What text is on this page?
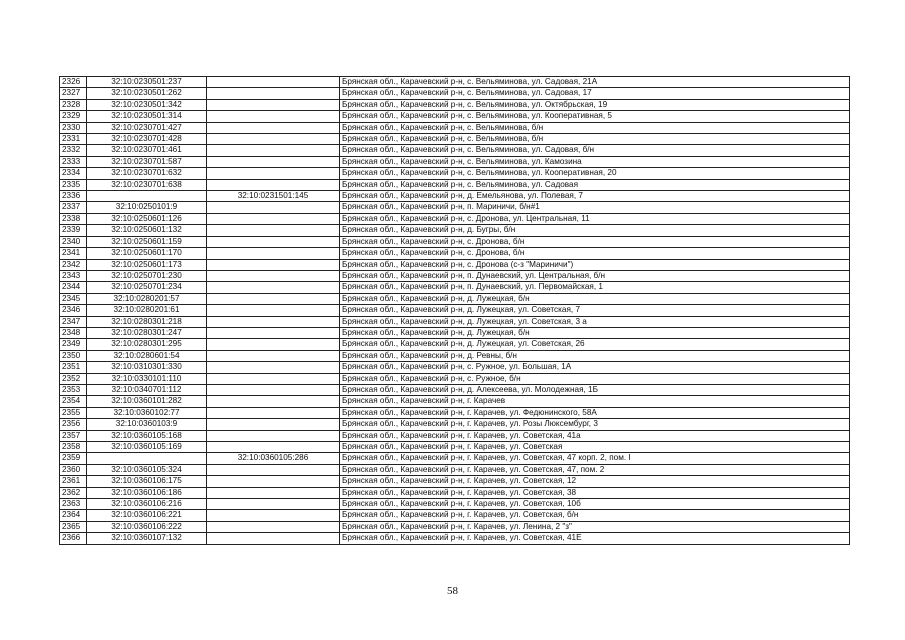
2326	32:10:0230501:237		Брянская обл., Карачевский р-н, с. Вельяминова, ул. Садовая, 21А
2327	32:10:0230501:262		Брянская обл., Карачевский р-н, с. Вельяминова, ул. Садовая, 17
2328	32:10:0230501:342		Брянская обл., Карачевский р-н, с. Вельяминова, ул. Октябрьская, 19
2329	32:10:0230501:314		Брянская обл., Карачевский р-н, с. Вельяминова, ул. Кооперативная, 5
2330	32:10:0230701:427		Брянская обл., Карачевский р-н, с. Вельяминова, б/н
2331	32:10:0230701:428		Брянская обл., Карачевский р-н, с. Вельяминова, б/н
2332	32:10:0230701:461		Брянская обл., Карачевский р-н, с. Вельяминова, ул. Садовая, б/н
2333	32:10:0230701:587		Брянская обл., Карачевский р-н, с. Вельяминова, ул. Камозина
2334	32:10:0230701:632		Брянская обл., Карачевский р-н, с. Вельяминова, ул. Кооперативная, 20
2335	32:10:0230701:638		Брянская обл., Карачевский р-н, с. Вельяминова, ул. Садовая
2336		32:10:0231501:145	Брянская обл., Карачевский р-н, д. Емельянова, ул. Полевая, 7
2337	32:10:0250101:9		Брянская обл., Карачевский р-н, п. Мариничи, б/н#1
2338	32:10:0250601:126		Брянская обл., Карачевский р-н, с. Дронова, ул. Центральная, 11
2339	32:10:0250601:132		Брянская обл., Карачевский р-н, д. Бугры, б/н
2340	32:10:0250601:159		Брянская обл., Карачевский р-н, с. Дронова, б/н
2341	32:10:0250601:170		Брянская обл., Карачевский р-н, с. Дронова, б/н
2342	32:10:0250601:173		Брянская обл., Карачевский р-н, с. Дронова (с-з "Мариничи")
2343	32:10:0250701:230		Брянская обл., Карачевский р-н, п. Дунаевский, ул. Центральная, б/н
2344	32:10:0250701:234		Брянская обл., Карачевский р-н, п. Дунаевский, ул. Первомайская, 1
2345	32:10:0280201:57		Брянская обл., Карачевский р-н, д. Лужецкая, б/н
2346	32:10:0280201:61		Брянская обл., Карачевский р-н, д. Лужецкая, ул. Советская, 7
2347	32:10:0280301:218		Брянская обл., Карачевский р-н, д. Лужецкая, ул. Советская, 3 а
2348	32:10:0280301:247		Брянская обл., Карачевский р-н, д. Лужецкая, б/н
2349	32:10:0280301:295		Брянская обл., Карачевский р-н, д. Лужецкая, ул. Советская, 26
2350	32:10:0280601:54		Брянская обл., Карачевский р-н, д. Ревны, б/н
2351	32:10:0310301:330		Брянская обл., Карачевский р-н, с. Ружное, ул. Большая, 1А
2352	32:10:0330101:110		Брянская обл., Карачевский р-н, с. Ружное, б/н
2353	32:10:0340701:112		Брянская обл., Карачевский р-н, д. Алексеева, ул. Молодежная, 1Б
2354	32:10:0360101:282		Брянская обл., Карачевский р-н, г. Карачев
2355	32:10:0360102:77		Брянская обл., Карачевский р-н, г. Карачев, ул. Федюнинского, 58А
2356	32:10:0360103:9		Брянская обл., Карачевский р-н, г. Карачев, ул. Розы Люксембург, 3
2357	32:10:0360105:168		Брянская обл., Карачевский р-н, г. Карачев, ул. Советская, 41а
2358	32:10:0360105:169		Брянская обл., Карачевский р-н, г. Карачев, ул. Советская
2359		32:10:0360105:286	Брянская обл., Карачевский р-н, г. Карачев, ул. Советская, 47 корп. 2, пом. I
2360	32:10:0360105:324		Брянская обл., Карачевский р-н, г. Карачев, ул. Советская, 47, пом. 2
2361	32:10:0360106:175		Брянская обл., Карачевский р-н, г. Карачев, ул. Советская, 12
2362	32:10:0360106:186		Брянская обл., Карачевский р-н, г. Карачев, ул. Советская, 38
2363	32:10:0360106:216		Брянская обл., Карачевский р-н, г. Карачев, ул. Советская, 10б
2364	32:10:0360106:221		Брянская обл., Карачевский р-н, г. Карачев, ул. Советская, б/н
2365	32:10:0360106:222		Брянская обл., Карачевский р-н, г. Карачев, ул. Ленина, 2 "з"
2366	32:10:0360107:132		Брянская обл., Карачевский р-н, г. Карачев, ул. Советская, 41Е
58
